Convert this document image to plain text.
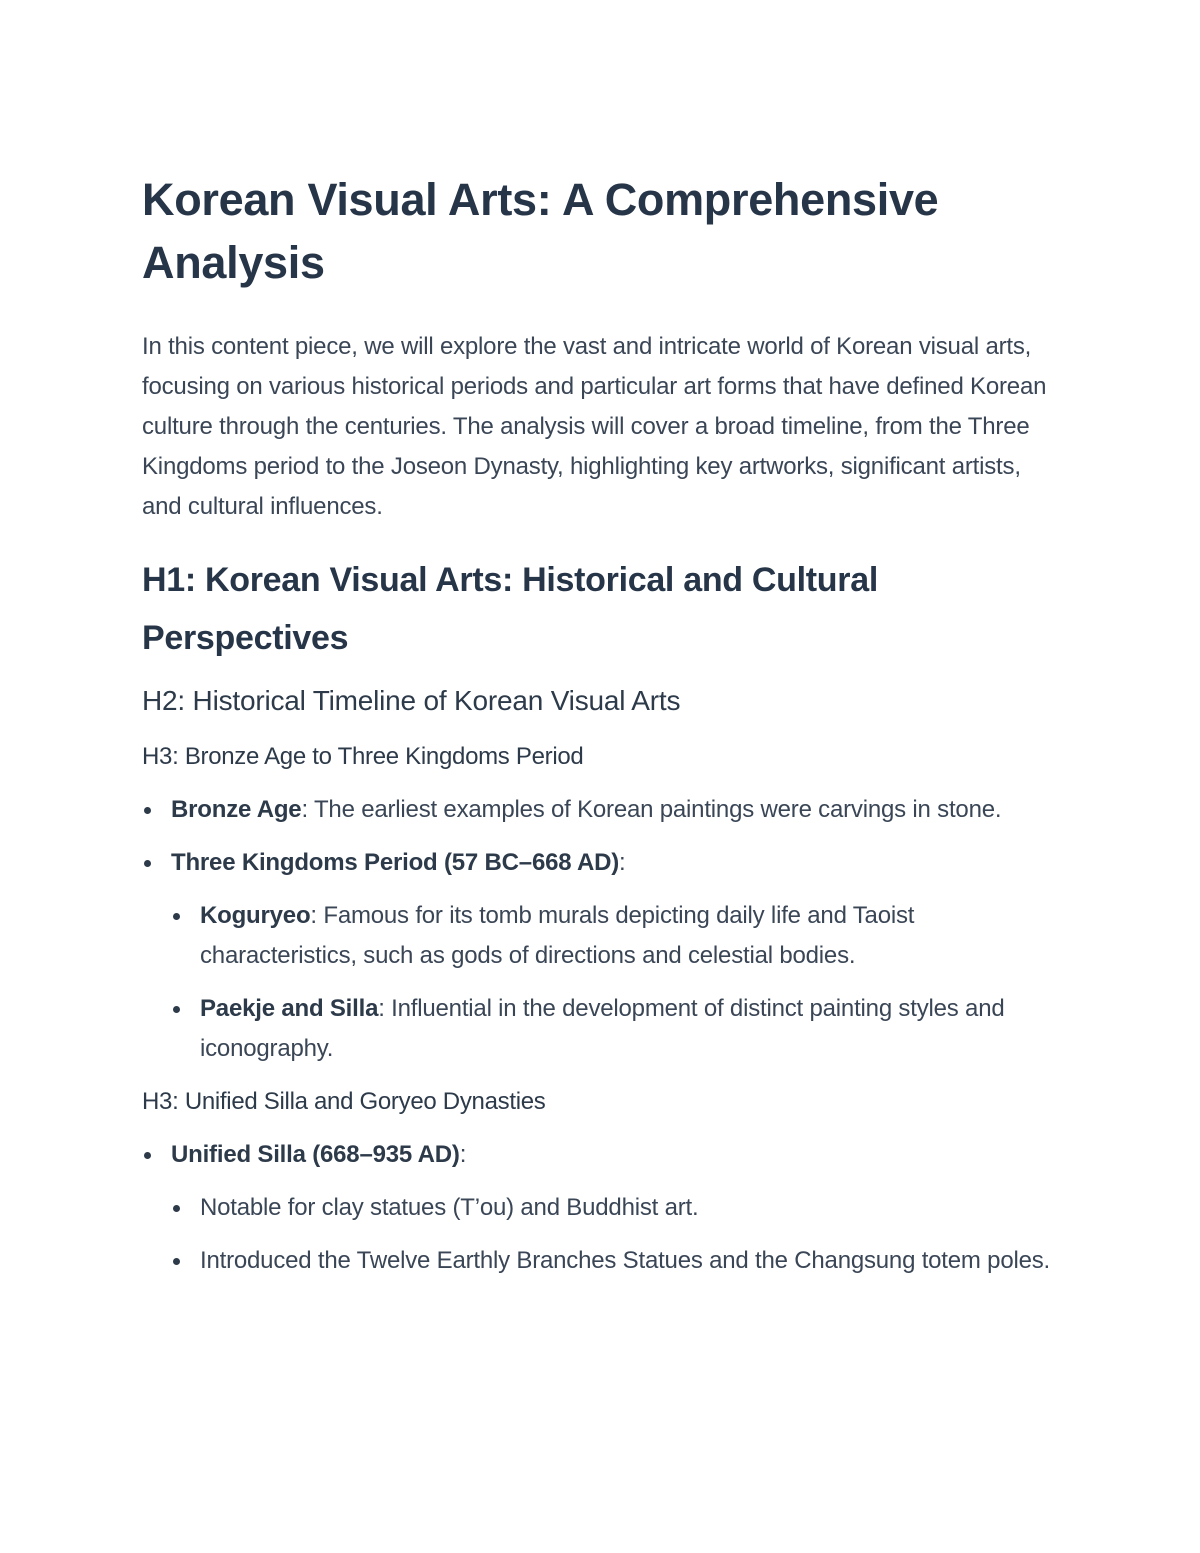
Korean Visual Arts: A Comprehensive Analysis

In this content piece, we will explore the vast and intricate world of Korean visual arts, focusing on various historical periods and particular art forms that have defined Korean culture through the centuries. The analysis will cover a broad timeline, from the Three Kingdoms period to the Joseon Dynasty, highlighting key artworks, significant artists, and cultural influences.

H1: Korean Visual Arts: Historical and Cultural Perspectives
H2: Historical Timeline of Korean Visual Arts
H3: Bronze Age to Three Kingdoms Period
Bronze Age: The earliest examples of Korean paintings were carvings in stone.
Three Kingdoms Period (57 BC–668 AD):
Koguryeo: Famous for its tomb murals depicting daily life and Taoist characteristics, such as gods of directions and celestial bodies.
Paekje and Silla: Influential in the development of distinct painting styles and iconography.
H3: Unified Silla and Goryeo Dynasties
Unified Silla (668–935 AD):
Notable for clay statues (T’ou) and Buddhist art.
Introduced the Twelve Earthly Branches Statues and the Changsung totem poles.
